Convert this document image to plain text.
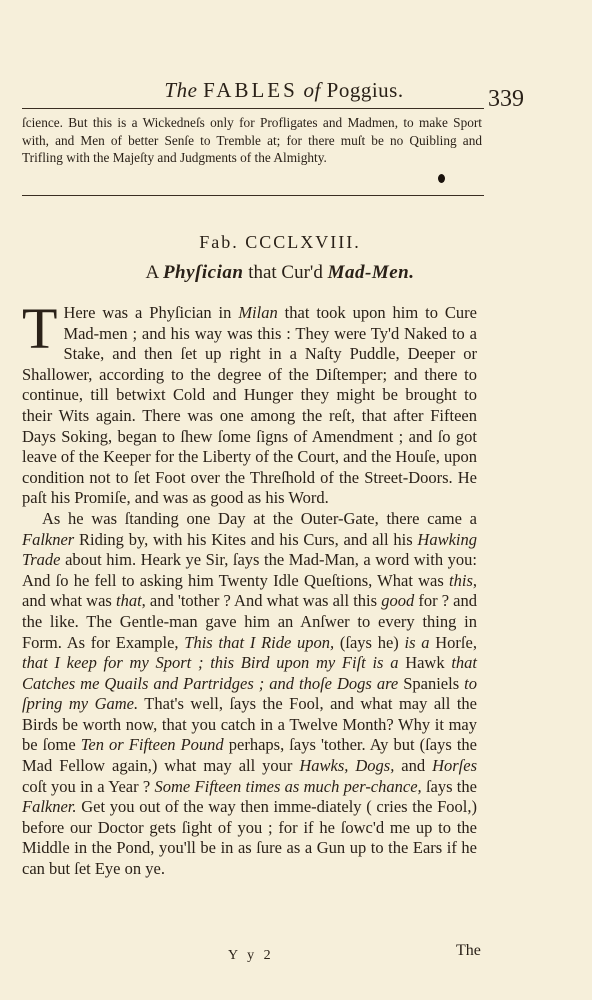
The FABLES of Poggius.	339
ſcience. But this is a Wickedneſs only for Profligates and Madmen, to make Sport with, and Men of better Senſe to Tremble at; for there muſt be no Quibling and Trifling with the Majeſty and Judgments of the Almighty.
Fab. CCCLXVIII.
A Phyſician that Cur'd Mad-Men.

T Here was a Phyſician in Milan that took upon him to Cure Mad-men ; and his way was this : They were Ty'd Naked to a Stake, and then ſet up right in a Naſty Puddle, Deeper or Shallower, according to the degree of the Diſtemper; and there to continue, till betwixt Cold and Hunger they might be brought to their Wits again. There was one among the reſt, that after Fifteen Days Soking, began to ſhew ſome ſigns of Amendment ; and ſo got leave of the Keeper for the Liberty of the Court, and the Houſe, upon condition not to ſet Foot over the Threſhold of the Street-Doors. He paſt his Promiſe, and was as good as his Word.

As he was ſtanding one Day at the Outer-Gate, there came a Falkner Riding by, with his Kites and his Curs, and all his Hawking Trade about him. Heark ye Sir, ſays the Mad-Man, a word with you: And ſo he fell to asking him Twenty Idle Queſtions, What was this, and what was that, and 'tother ? And what was all this good for ? and the like. The Gentle-man gave him an Anſwer to every thing in Form. As for Example, This that I Ride upon, (ſays he) is a Horſe, that I keep for my Sport ; this Bird upon my Fiſt is a Hawk that Catches me Quails and Partridges ; and thoſe Dogs are Spaniels to ſpring my Game. That's well, ſays the Fool, and what may all the Birds be worth now, that you catch in a Twelve Month? Why it may be ſome Ten or Fifteen Pound perhaps, ſays 'tother. Ay but (ſays the Mad Fellow again,) what may all your Hawks, Dogs, and Horſes coſt you in a Year ? Some Fifteen times as much per-chance, ſays the Falkner. Get you out of the way then imme-diately ( cries the Fool,) before our Doctor gets ſight of you ; for if he ſowc'd me up to the Middle in the Pond, you'll be in as ſure as a Gun up to the Ears if he can but ſet Eye on ye.

Y y 2	The
